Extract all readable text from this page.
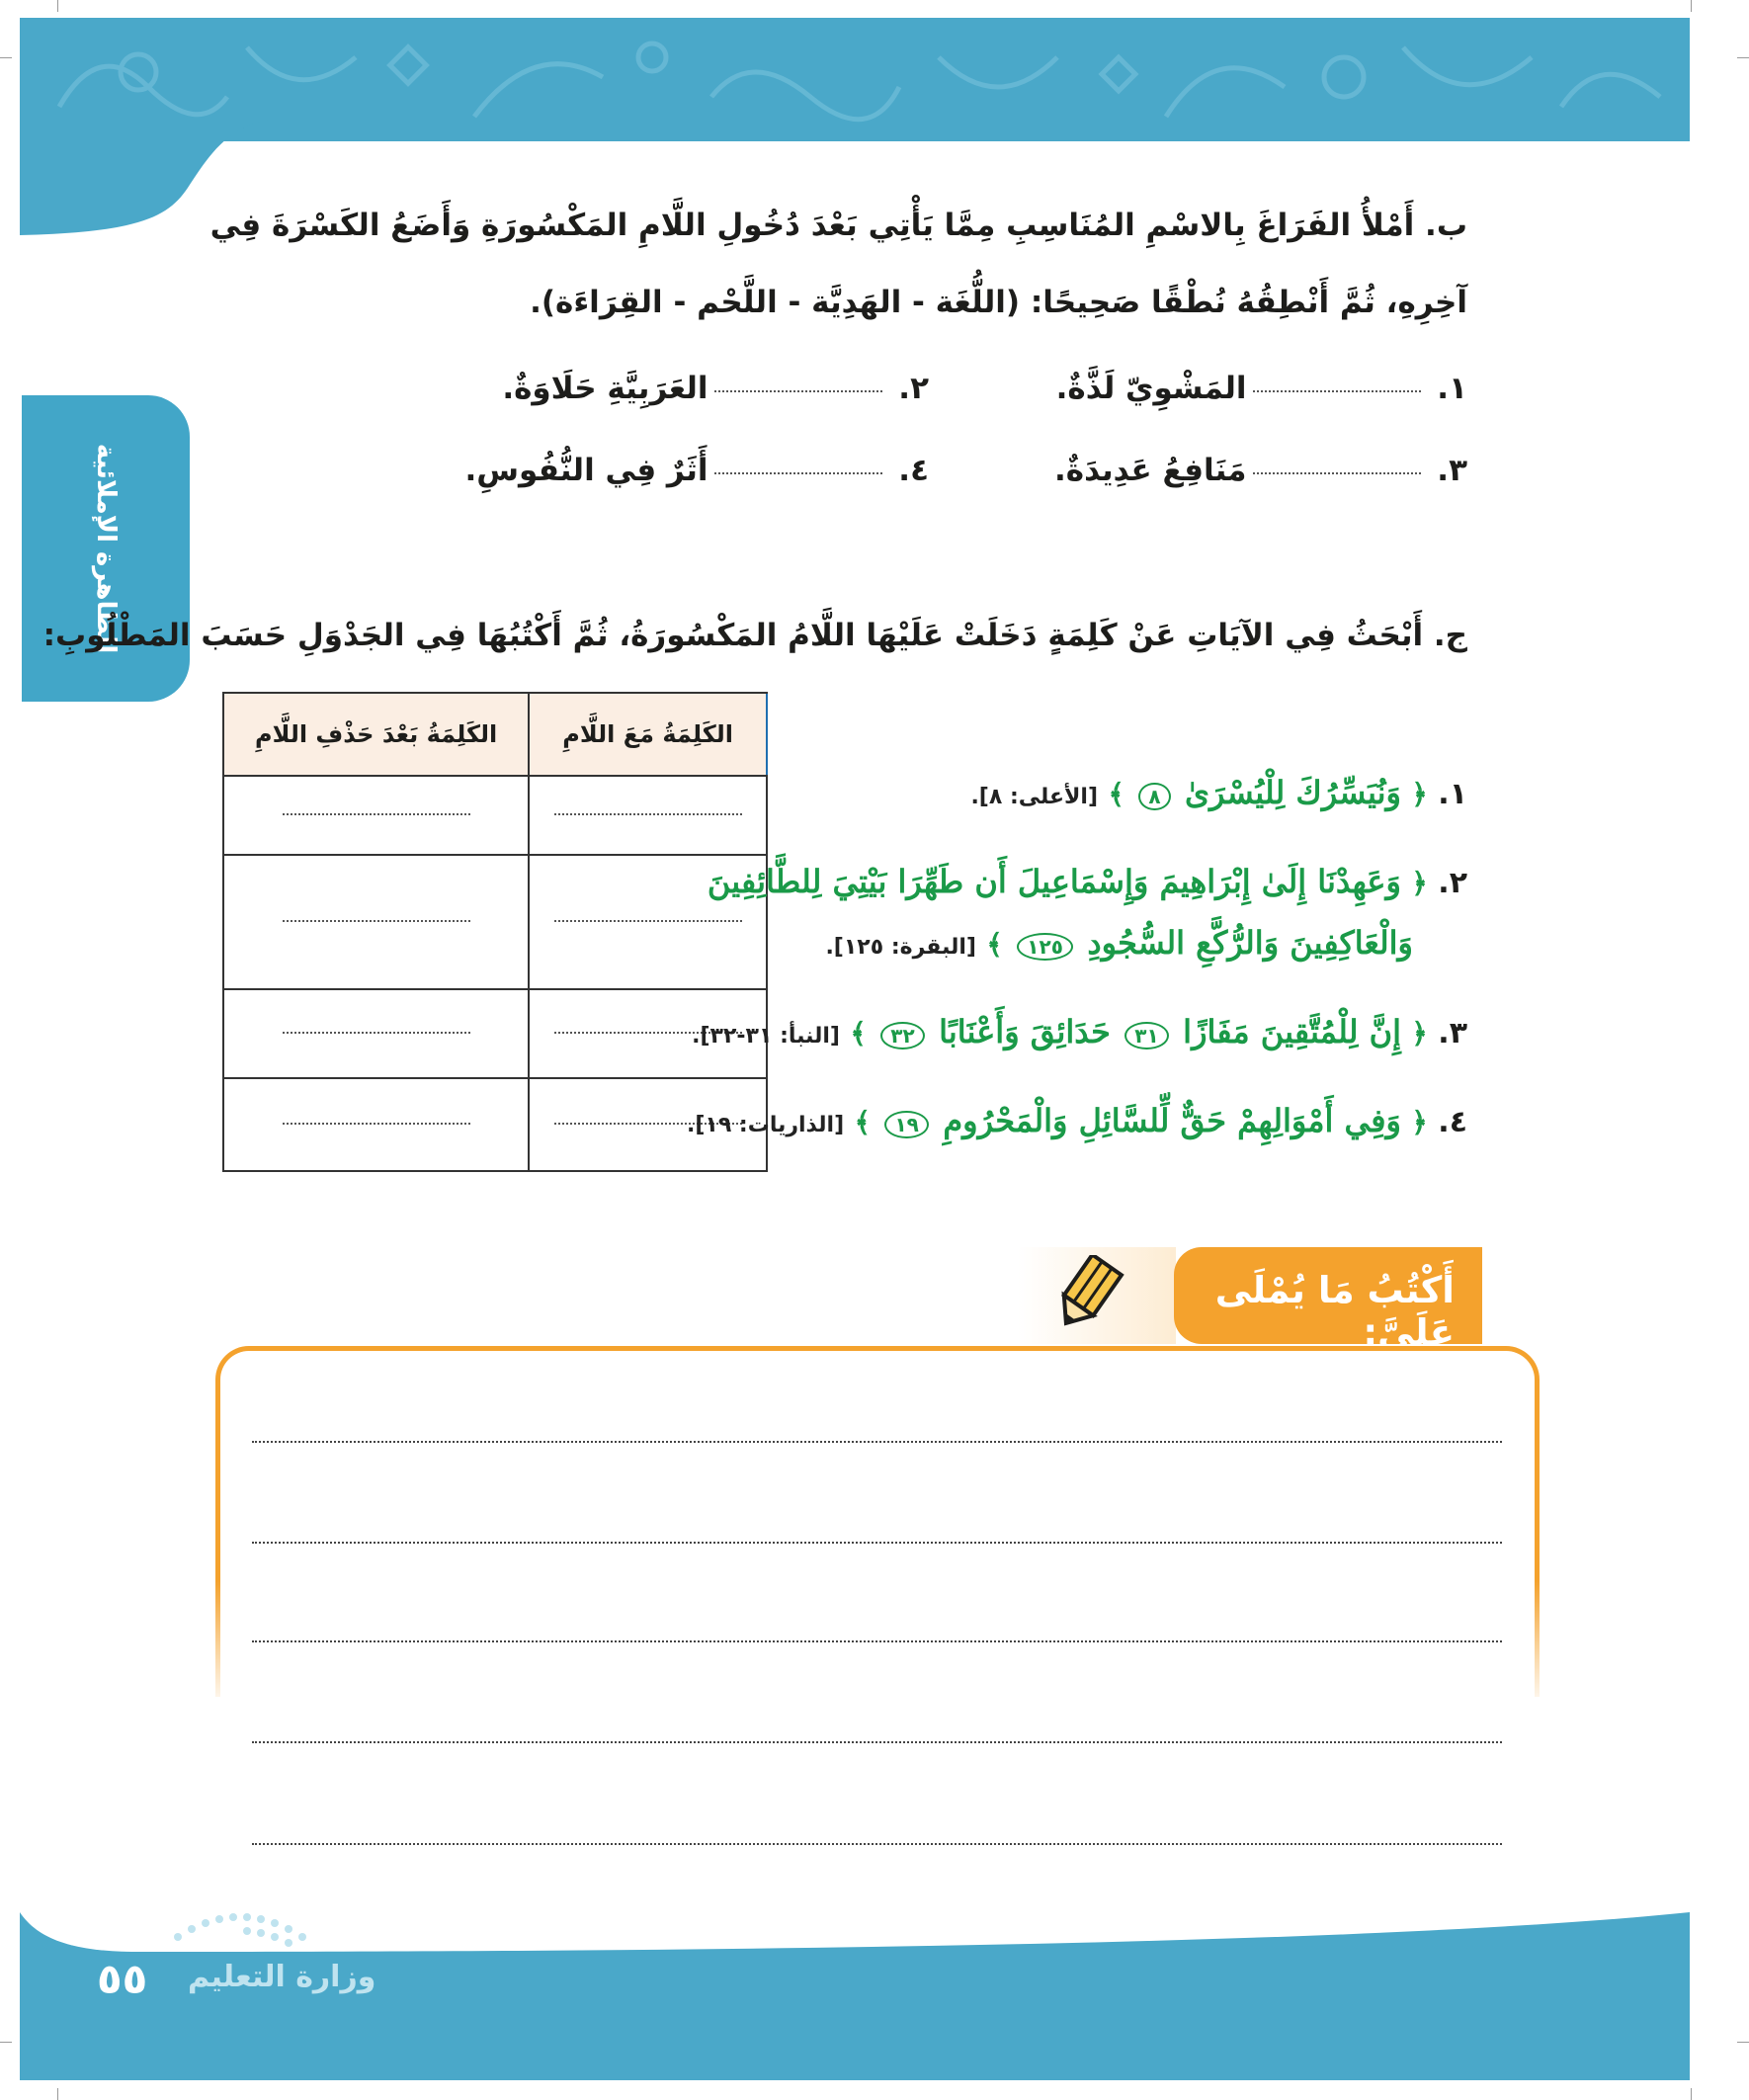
الظاهرة الإملائية
ب. أَمْلأُ الفَرَاغَ بِالاسْمِ المُنَاسِبِ مِمَّا يَأْتِي بَعْدَ دُخُولِ اللَّامِ المَكْسُورَةِ وَأَضَعُ الكَسْرَةَ فِي
آخِرِهِ، ثُمَّ أَنْطِقُهُ نُطْقًا صَحِيحًا: (اللُّغَة - الهَدِيَّة - اللَّحْم - القِرَاءَة).
١. المَشْوِيّ لَذَّةٌ.
٢. العَرَبِيَّةِ حَلَاوَةٌ.
٣. مَنَافِعُ عَدِيدَةٌ.
٤. أَثَرٌ فِي النُّفُوسِ.
ج. أَبْحَثُ فِي الآيَاتِ عَنْ كَلِمَةٍ دَخَلَتْ عَلَيْهَا اللَّامُ المَكْسُورَةُ، ثُمَّ أَكْتُبُهَا فِي الجَدْوَلِ حَسَبَ المَطْلُوبِ:
الكَلِمَةُ مَعَ اللَّامِ	الكَلِمَةُ بَعْدَ حَذْفِ اللَّامِ

١. ﴿ وَنُيَسِّرُكَ لِلْيُسْرَىٰ ٨ ﴾ [الأعلى: ٨].
٢. ﴿ وَعَهِدْنَا إِلَىٰ إِبْرَاهِيمَ وَإِسْمَاعِيلَ أَن طَهِّرَا بَيْتِيَ لِلطَّائِفِينَ
وَالْعَاكِفِينَ وَالرُّكَّعِ السُّجُودِ ١٢٥ ﴾ [البقرة: ١٢٥].
٣. ﴿ إِنَّ لِلْمُتَّقِينَ مَفَازًا ٣١ حَدَائِقَ وَأَعْنَابًا ٣٢ ﴾ [النبأ: ٣١-٣٢].
٤. ﴿ وَفِي أَمْوَالِهِمْ حَقٌّ لِّلسَّائِلِ وَالْمَحْرُومِ ١٩ ﴾ [الذاريات: ١٩].
أَكْتُبُ مَا يُمْلَى عَلَيَّ:
٥٥ وزارة التعليم
